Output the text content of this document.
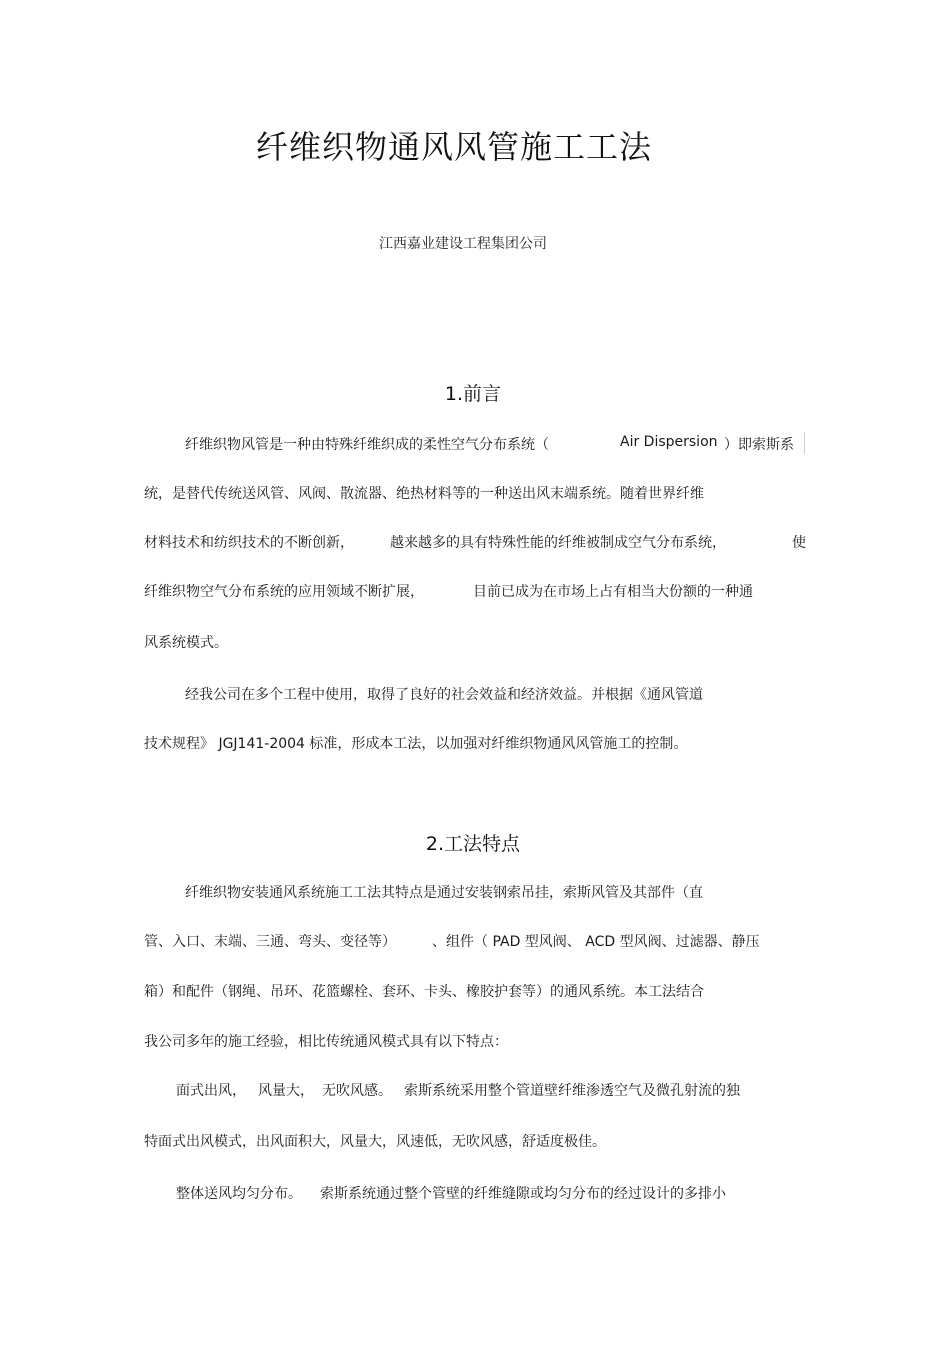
纤维织物通风风管施工工法
江西嘉业建设工程集团公司
1.前言
纤维织物风管是一种由特殊纤维织成的柔性空气分布系统（	Air Dispersion ）即索斯系
统，是替代传统送风管、风阀、散流器、绝热材料等的一种送出风末端系统。随着世界纤维
材料技术和纺织技术的不断创新，	越来越多的具有特殊性能的纤维被制成空气分布系统，	使
纤维织物空气分布系统的应用领域不断扩展，	目前已成为在市场上占有相当大份额的一种通
风系统模式。
经我公司在多个工程中使用，取得了良好的社会效益和经济效益。并根据《通风管道
技术规程》 JGJ141-2004 标准，形成本工法，以加强对纤维织物通风风管施工的控制。
2.工法特点
纤维织物安装通风系统施工工法其特点是通过安装钢索吊挂，索斯风管及其部件（直
管、入口、末端、三通、弯头、变径等）	、组件（ PAD 型风阀、 ACD 型风阀、过滤器、静压
箱）和配件（钢绳、吊环、花篮螺栓、套环、卡头、橡胶护套等）的通风系统。本工法结合
我公司多年的施工经验，相比传统通风模式具有以下特点：
面式出风， 风量大， 无吹风感。 索斯系统采用整个管道壁纤维渗透空气及微孔射流的独
特面式出风模式，出风面积大，风量大，风速低，无吹风感，舒适度极佳。
整体送风均匀分布。 索斯系统通过整个管壁的纤维缝隙或均匀分布的经过设计的多排小
